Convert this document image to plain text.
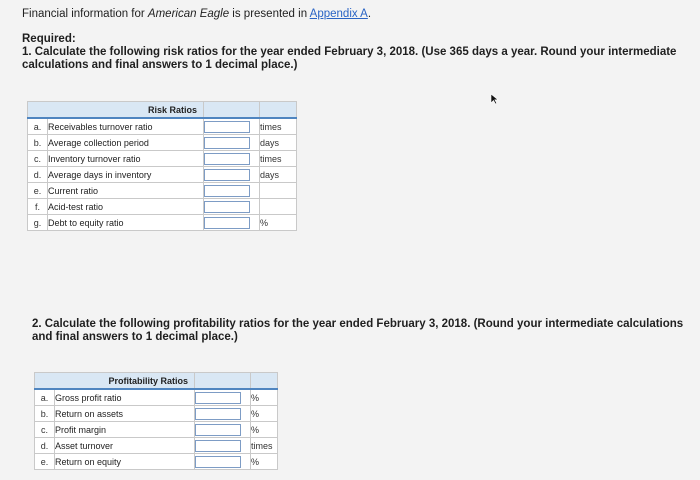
Financial information for American Eagle is presented in Appendix A.
Required:
1. Calculate the following risk ratios for the year ended February 3, 2018. (Use 365 days a year. Round your intermediate calculations and final answers to 1 decimal place.)
Risk Ratios			
a.	Receivables turnover ratio		times
b.	Average collection period		days
c.	Inventory turnover ratio		times
d.	Average days in inventory		days
e.	Current ratio	

f.	Acid-test ratio	

g.	Debt to equity ratio		%
2. Calculate the following profitability ratios for the year ended February 3, 2018. (Round your intermediate calculations and final answers to 1 decimal place.)
Profitability Ratios			
a.	Gross profit ratio		%
b.	Return on assets		%
c.	Profit margin		%
d.	Asset turnover		times
e.	Return on equity		%
